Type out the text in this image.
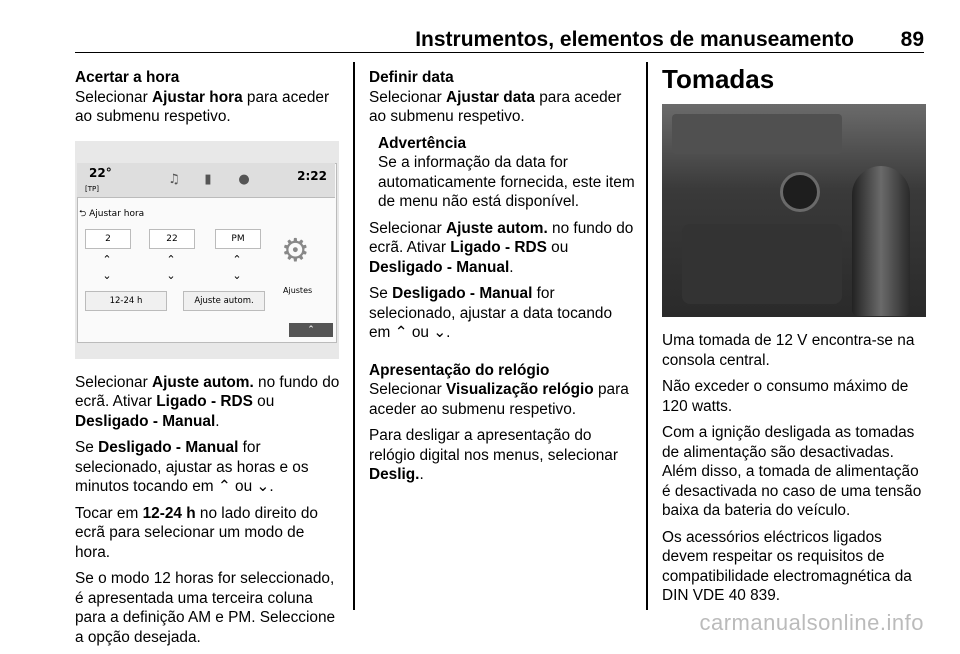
Instrumentos, elementos de manuseamento 89
Acertar a hora

Selecionar Ajustar hora para aceder ao submenu respetivo.

22°
[TP]
♫	▮	●	2:22
⮌ Ajustar hora
2	22	PM
⌃	⌃	⌃
⌄	⌄	⌄
12-24 h	Ajuste autom.
⚙
Ajustes
⌃

Selecionar Ajuste autom. no fundo do ecrã. Ativar Ligado - RDS ou Desligado - Manual.

Se Desligado - Manual for selecionado, ajustar as horas e os minutos tocando em ⌃ ou ⌄.

Tocar em 12-24 h no lado direito do ecrã para selecionar um modo de hora.

Se o modo 12 horas for seleccionado, é apresentada uma terceira coluna para a definição AM e PM. Seleccione a opção desejada.

Definir data

Selecionar Ajustar data para aceder ao submenu respetivo.

Advertência
Se a informação da data for automaticamente fornecida, este item de menu não está disponível.

Selecionar Ajuste autom. no fundo do ecrã. Ativar Ligado - RDS ou Desligado - Manual.

Se Desligado - Manual for selecionado, ajustar a data tocando em ⌃ ou ⌄.

Apresentação do relógio

Selecionar Visualização relógio para aceder ao submenu respetivo.

Para desligar a apresentação do relógio digital nos menus, selecionar Deslig..

Tomadas

Uma tomada de 12 V encontra-se na consola central.

Não exceder o consumo máximo de 120 watts.

Com a ignição desligada as tomadas de alimentação são desactivadas. Além disso, a tomada de alimentação é desactivada no caso de uma tensão baixa da bateria do veículo.

Os acessórios eléctricos ligados devem respeitar os requisitos de compatibilidade electromagnética da DIN VDE 40 839.

carmanualsonline.info
